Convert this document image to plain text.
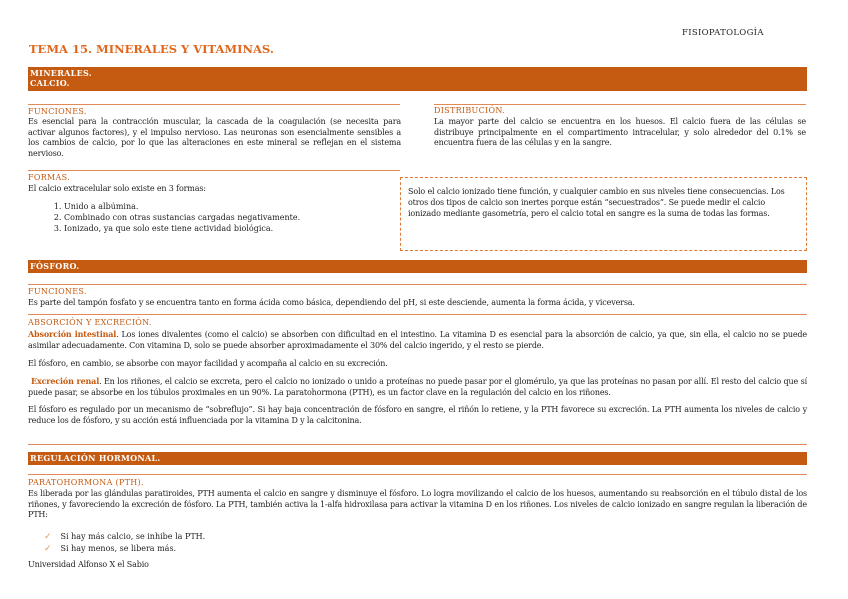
FISIOPATOLOGÍA
TEMA 15. MINERALES Y VITAMINAS.
MINERALES.
CALCIO.
FUNCIONES.
Es esencial para la contracción muscular, la cascada de la coagulación (se necesita para activar algunos factores), y el impulso nervioso. Las neuronas son esencialmente sensibles a los cambios de calcio, por lo que las alteraciones en este mineral se reflejan en el sistema nervioso.
DISTRIBUCIÓN.
La mayor parte del calcio se encuentra en los huesos. El calcio fuera de las células se distribuye principalmente en el compartimento intracelular, y solo alrededor del 0.1% se encuentra fuera de las células y en la sangre.
FORMAS.
El calcio extracelular solo existe en 3 formas:
1. Unido a albúmina.
2. Combinado con otras sustancias cargadas negativamente.
3. Ionizado, ya que solo este tiene actividad biológica.
Solo el calcio ionizado tiene función, y cualquier cambio en sus niveles tiene consecuencias. Los otros dos tipos de calcio son inertes porque están “secuestrados”. Se puede medir el calcio ionizado mediante gasometría, pero el calcio total en sangre es la suma de todas las formas.
FÓSFORO.
FUNCIONES.
Es parte del tampón fosfato y se encuentra tanto en forma ácida como básica, dependiendo del pH, si este desciende, aumenta la forma ácida, y viceversa.
ABSORCIÓN Y EXCRECIÓN.
Absorción intestinal. Los iones divalentes (como el calcio) se absorben con dificultad en el intestino. La vitamina D es esencial para la absorción de calcio, ya que, sin ella, el calcio no se puede asimilar adecuadamente. Con vitamina D, solo se puede absorber aproximadamente el 30% del calcio ingerido, y el resto se pierde.
El fósforo, en cambio, se absorbe con mayor facilidad y acompaña al calcio en su excreción.
Excreción renal. En los riñones, el calcio se excreta, pero el calcio no ionizado o unido a proteínas no puede pasar por el glomérulo, ya que las proteínas no pasan por allí. El resto del calcio que sí puede pasar, se absorbe en los túbulos proximales en un 90%. La paratohormona (PTH), es un factor clave en la regulación del calcio en los riñones.
El fósforo es regulado por un mecanismo de “sobreflujo”. Si hay baja concentración de fósforo en sangre, el riñón lo retiene, y la PTH favorece su excreción. La PTH aumenta los niveles de calcio y reduce los de fósforo, y su acción está influenciada por la vitamina D y la calcitonina.
REGULACIÓN HORMONAL.
PARATOHORMONA (PTH).
Es liberada por las glándulas paratiroides, PTH aumenta el calcio en sangre y disminuye el fósforo. Lo logra movilizando el calcio de los huesos, aumentando su reabsorción en el túbulo distal de los riñones, y favoreciendo la excreción de fósforo. La PTH, también activa la 1-alfa hidroxilasa para activar la vitamina D en los riñones. Los niveles de calcio ionizado en sangre regulan la liberación de PTH:
✓ Si hay más calcio, se inhibe la PTH.
✓ Si hay menos, se libera más.
Universidad Alfonso X el Sabio
